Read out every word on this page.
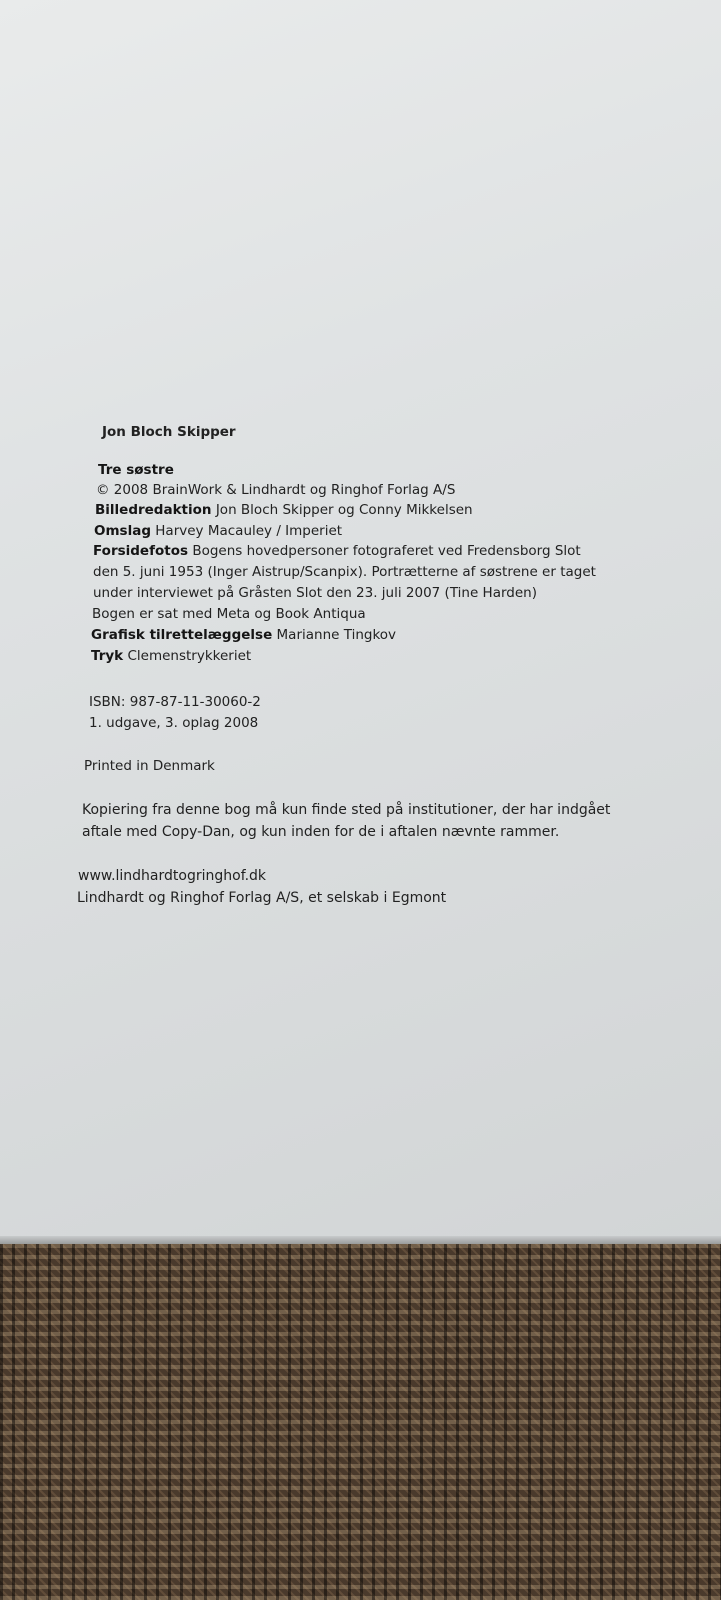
Jon Bloch Skipper
Tre søstre
© 2008 BrainWork & Lindhardt og Ringhof Forlag A/S
Billedredaktion Jon Bloch Skipper og Conny Mikkelsen
Omslag Harvey Macauley / Imperiet
Forsidefotos Bogens hovedpersoner fotograferet ved Fredensborg Slot
den 5. juni 1953 (Inger Aistrup/Scanpix). Portrætterne af søstrene er taget
under interviewet på Gråsten Slot den 23. juli 2007 (Tine Harden)
Bogen er sat med Meta og Book Antiqua
Grafisk tilrettelæggelse Marianne Tingkov
Tryk Clemenstrykkeriet
ISBN: 987-87-11-30060-2
1. udgave, 3. oplag 2008
Printed in Denmark
Kopiering fra denne bog må kun finde sted på institutioner, der har indgået
aftale med Copy-Dan, og kun inden for de i aftalen nævnte rammer.
www.lindhardtogringhof.dk
Lindhardt og Ringhof Forlag A/S, et selskab i Egmont
